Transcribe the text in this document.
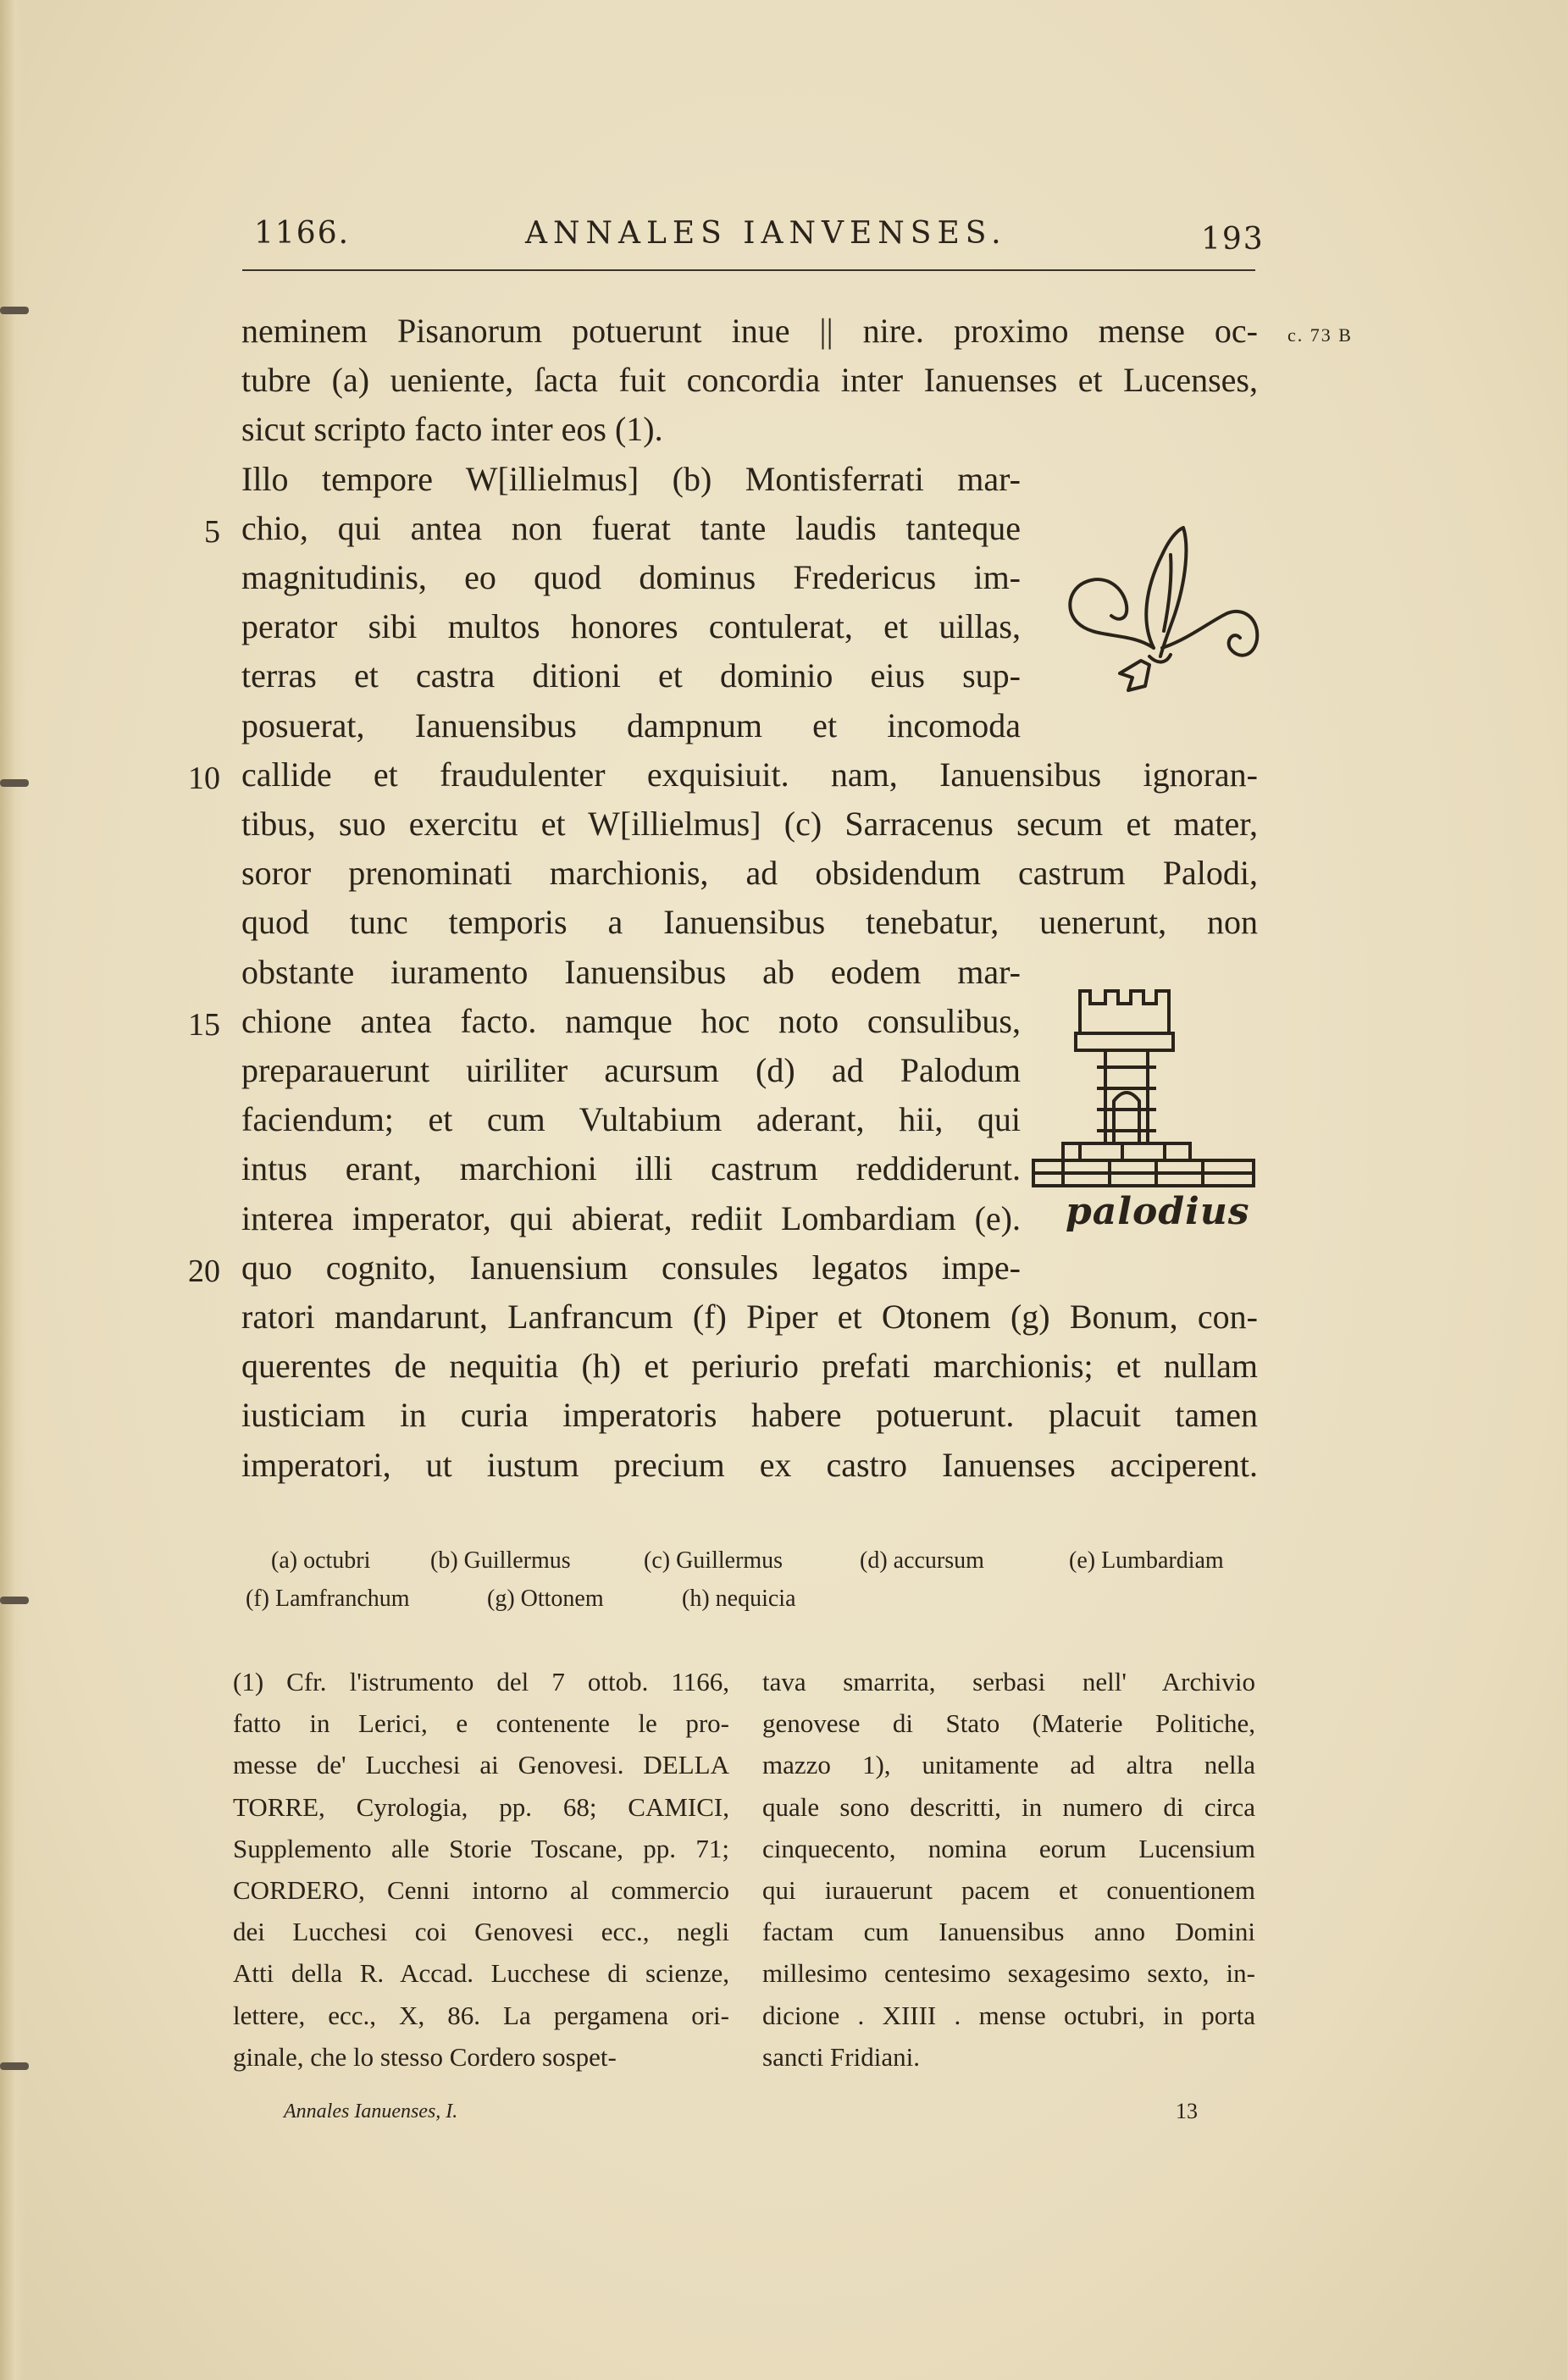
1166.	ANNALES IANVENSES.	193
c. 73 B
neminem Pisanorum potuerunt inue || nire. proximo mense oc-
tubre (a) ueniente, ſacta fuit concordia inter Ianuenses et Lucenses,
sicut scripto facto inter eos (1).
Illo tempore W[illielmus] (b) Montisferrati mar-
chio, qui antea non fuerat tante laudis tanteque
5
magnitudinis, eo quod dominus Fredericus im-
perator sibi multos honores contulerat, et uillas,
terras et castra ditioni et dominio eius sup-
posuerat, Ianuensibus dampnum et incomoda
callide et fraudulenter exquisiuit. nam, Ianuensibus ignoran-
10
tibus, suo exercitu et W[illielmus] (c) Sarracenus secum et mater,
soror prenominati marchionis, ad obsidendum castrum Palodi,
quod tunc temporis a Ianuensibus tenebatur, uenerunt, non
obstante iuramento Ianuensibus ab eodem mar-
chione antea facto. namque hoc noto consulibus,
15
preparauerunt uiriliter acursum (d) ad Palodum
faciendum; et cum Vultabium aderant, hii, qui
intus erant, marchioni illi castrum reddiderunt.
interea imperator, qui abierat, rediit Lombardiam (e).
quo cognito, Ianuensium consules legatos impe-
20
ratori mandarunt, Lanfrancum (f) Piper et Otonem (g) Bonum, con-
querentes de nequitia (h) et periurio prefati marchionis; et nullam
iusticiam in curia imperatoris habere potuerunt. placuit tamen
imperatori, ut iustum precium ex castro Ianuenses acciperent.
palodius
(a) octubri	(b) Guillermus	(c) Guillermus	(d) accursum	(e) Lumbardiam
(f) Lamfranchum	(g) Ottonem	(h) nequicia
(1) Cfr. l'istrumento del 7 ottob. 1166,
fatto in Lerici, e contenente le pro-
messe de' Lucchesi ai Genovesi. DELLA
TORRE, Cyrologia, pp. 68; CAMICI,
Supplemento alle Storie Toscane, pp. 71;
CORDERO, Cenni intorno al commercio
dei Lucchesi coi Genovesi ecc., negli
Atti della R. Accad. Lucchese di scienze,
lettere, ecc., X, 86. La pergamena ori-
ginale, che lo stesso Cordero sospet-
tava smarrita, serbasi nell' Archivio
genovese di Stato (Materie Politiche,
mazzo 1), unitamente ad altra nella
quale sono descritti, in numero di circa
cinquecento, nomina eorum Lucensium
qui iurauerunt pacem et conuentionem
factam cum Ianuensibus anno Domini
millesimo centesimo sexagesimo sexto, in-
dicione . XIIII . mense octubri, in porta
sancti Fridiani.
Annales Ianuenses, I.	13
